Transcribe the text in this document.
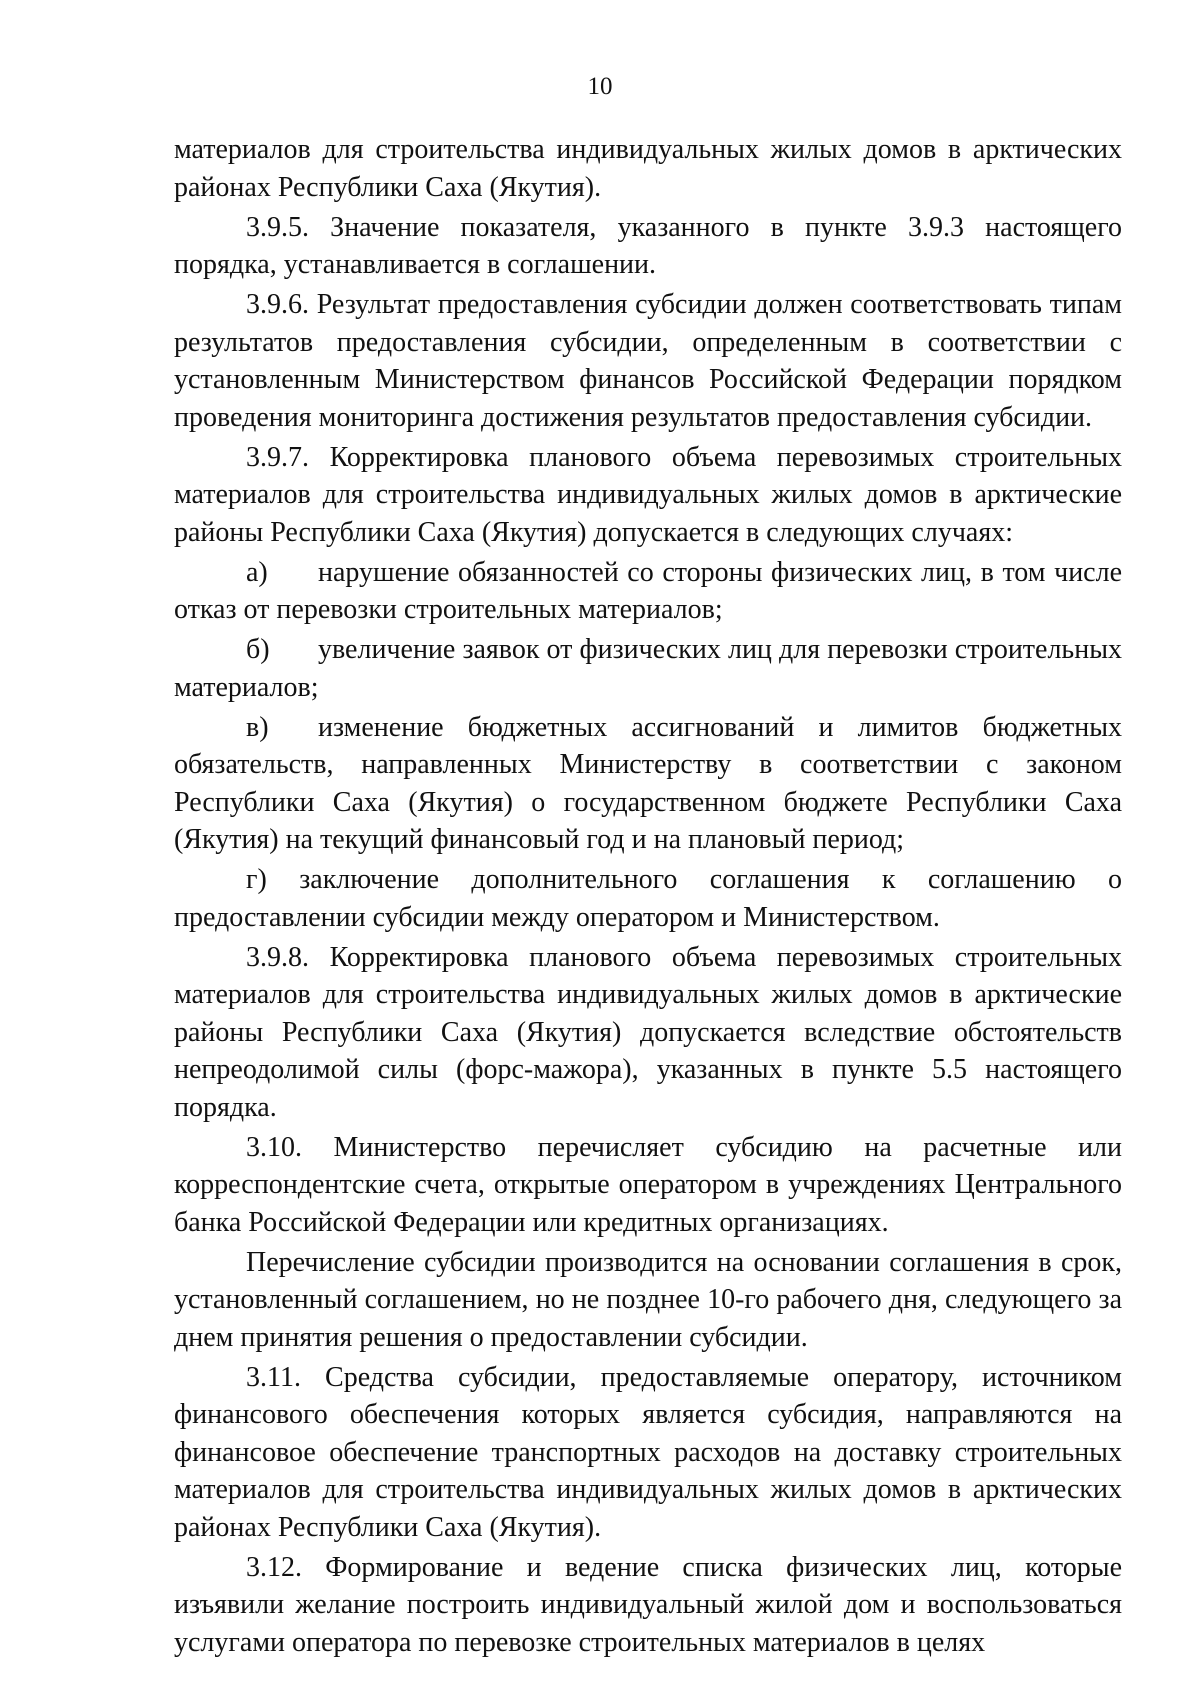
10

материалов для строительства индивидуальных жилых домов в арктических районах Республики Саха (Якутия).

3.9.5. Значение показателя, указанного в пункте 3.9.3 настоящего порядка, устанавливается в соглашении.

3.9.6. Результат предоставления субсидии должен соответствовать типам результатов предоставления субсидии, определенным в соответствии с установленным Министерством финансов Российской Федерации порядком проведения мониторинга достижения результатов предоставления субсидии.

3.9.7. Корректировка планового объема перевозимых строительных материалов для строительства индивидуальных жилых домов в арктические районы Республики Саха (Якутия) допускается в следующих случаях:

а) нарушение обязанностей со стороны физических лиц, в том числе отказ от перевозки строительных материалов;

б) увеличение заявок от физических лиц для перевозки строительных материалов;

в) изменение бюджетных ассигнований и лимитов бюджетных обязательств, направленных Министерству в соответствии с законом Республики Саха (Якутия) о государственном бюджете Республики Саха (Якутия) на текущий финансовый год и на плановый период;

г) заключение дополнительного соглашения к соглашению о предоставлении субсидии между оператором и Министерством.

3.9.8. Корректировка планового объема перевозимых строительных материалов для строительства индивидуальных жилых домов в арктические районы Республики Саха (Якутия) допускается вследствие обстоятельств непреодолимой силы (форс-мажора), указанных в пункте 5.5 настоящего порядка.

3.10. Министерство перечисляет субсидию на расчетные или корреспондентские счета, открытые оператором в учреждениях Центрального банка Российской Федерации или кредитных организациях.

Перечисление субсидии производится на основании соглашения в срок, установленный соглашением, но не позднее 10-го рабочего дня, следующего за днем принятия решения о предоставлении субсидии.

3.11. Средства субсидии, предоставляемые оператору, источником финансового обеспечения которых является субсидия, направляются на финансовое обеспечение транспортных расходов на доставку строительных материалов для строительства индивидуальных жилых домов в арктических районах Республики Саха (Якутия).

3.12. Формирование и ведение списка физических лиц, которые изъявили желание построить индивидуальный жилой дом и воспользоваться услугами оператора по перевозке строительных материалов в целях
